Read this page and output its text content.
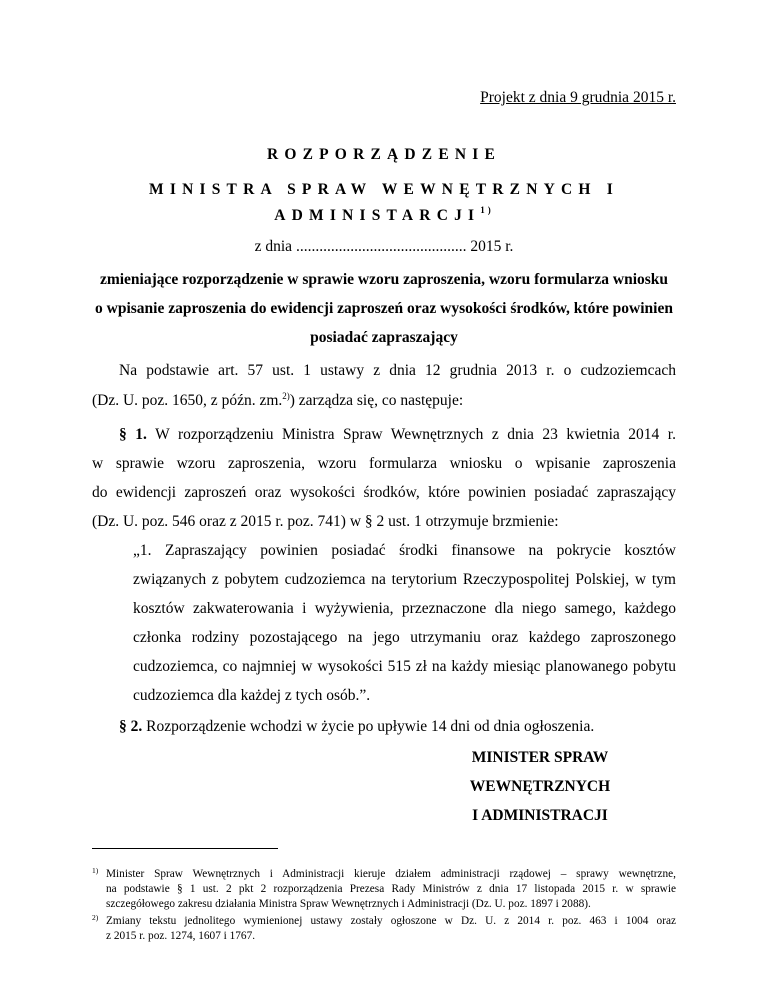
Projekt z dnia 9 grudnia 2015 r.
ROZPORZĄDZENIE
MINISTRA SPRAW WEWNĘTRZNYCH I
ADMINISTARCJI$^{1)}$
z dnia ............................................ 2015 r.
zmieniające rozporządzenie w sprawie wzoru zaproszenia, wzoru formularza wniosku
o wpisanie zaproszenia do ewidencji zaproszeń oraz wysokości środków, które powinien
posiadać zapraszający
Na podstawie art. 57 ust. 1 ustawy z dnia 12 grudnia 2013 r. o cudzoziemcach
(Dz. U. poz. 1650, z późn. zm.$^{2)}$) zarządza się, co następuje:
§ 1. W rozporządzeniu Ministra Spraw Wewnętrznych z dnia 23 kwietnia 2014 r.
w sprawie wzoru zaproszenia, wzoru formularza wniosku o wpisanie zaproszenia
do ewidencji zaproszeń oraz wysokości środków, które powinien posiadać zapraszający
(Dz. U. poz. 546 oraz z 2015 r. poz. 741) w § 2 ust. 1 otrzymuje brzmienie:
„1. Zapraszający powinien posiadać środki finansowe na pokrycie kosztów
związanych z pobytem cudzoziemca na terytorium Rzeczypospolitej Polskiej, w tym
kosztów zakwaterowania i wyżywienia, przeznaczone dla niego samego, każdego
członka rodziny pozostającego na jego utrzymaniu oraz każdego zaproszonego
cudzoziemca, co najmniej w wysokości 515 zł na każdy miesiąc planowanego pobytu
cudzoziemca dla każdej z tych osób.”.
§ 2. Rozporządzenie wchodzi w życie po upływie 14 dni od dnia ogłoszenia.
MINISTER SPRAW
WEWNĘTRZNYCH
I ADMINISTRACJI
1) Minister Spraw Wewnętrznych i Administracji kieruje działem administracji rządowej – sprawy wewnętrzne,
na podstawie § 1 ust. 2 pkt 2 rozporządzenia Prezesa Rady Ministrów z dnia 17 listopada 2015 r. w sprawie
szczegółowego zakresu działania Ministra Spraw Wewnętrznych i Administracji (Dz. U. poz. 1897 i 2088).
2) Zmiany tekstu jednolitego wymienionej ustawy zostały ogłoszone w Dz. U. z 2014 r. poz. 463 i 1004 oraz
z 2015 r. poz. 1274, 1607 i 1767.
